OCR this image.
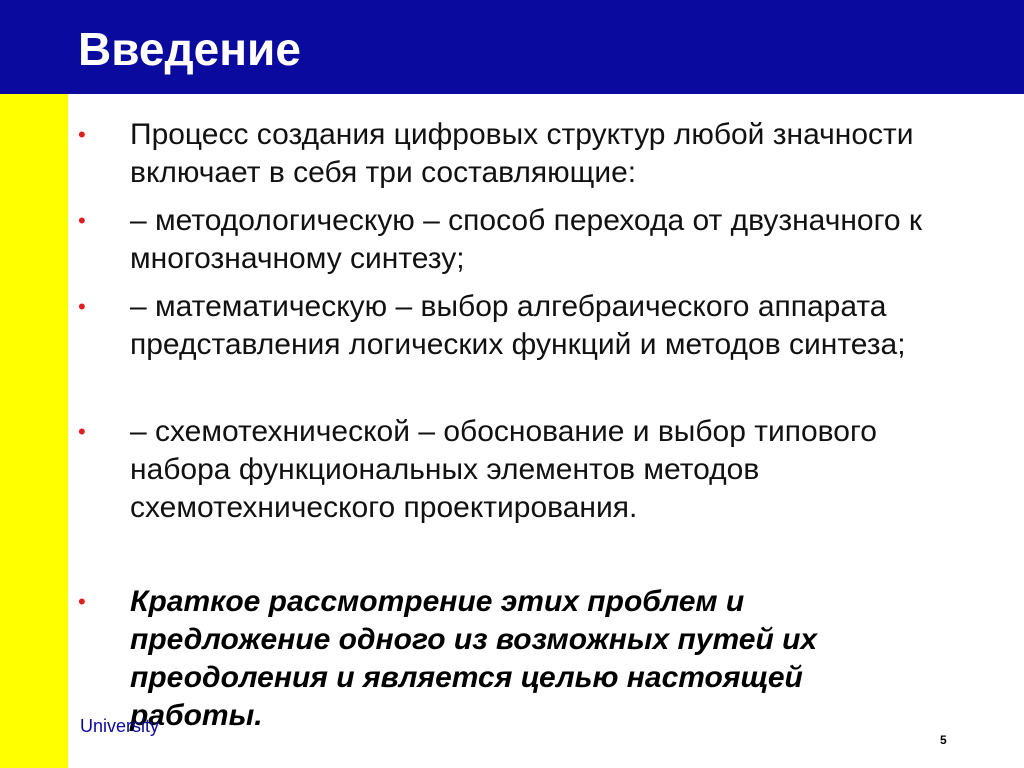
Введение
• Процесс создания цифровых структур любой значности включает в себя три составляющие:
• – методологическую – способ перехода от двузначного к многозначному синтезу;
• – математическую – выбор алгебраического аппарата представления логических функций и методов синтеза;
• – схемотехнической – обоснование и выбор типового набора функциональных элементов методов схемотехнического проектирования.
• Краткое рассмотрение этих проблем и предложение одного из возможных путей их преодоления и является целью настоящей работы.
University
5
